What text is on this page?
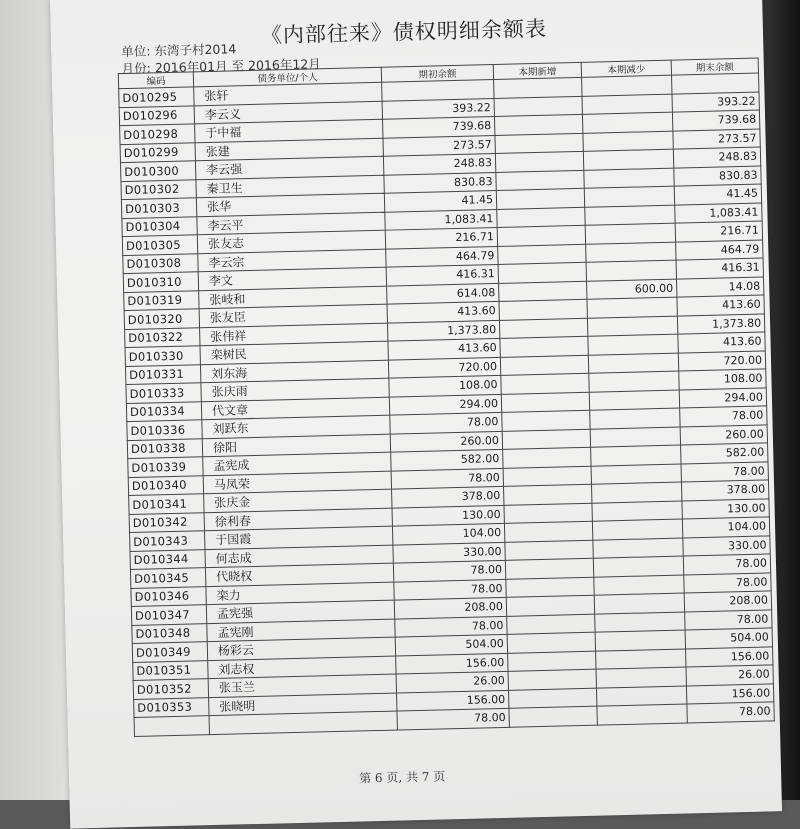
《内部往来》债权明细余额表
单位: 东湾子村2014
月份: 2016年01月 至 2016年12月
编码	债务单位/个人	期初余额	本期新增	本期减少	期末余额
D010295	张轩				
D010296	李云义	393.22			393.22
D010298	于中福	739.68			739.68
D010299	张建	273.57			273.57
D010300	李云强	248.83			248.83
D010302	秦卫生	830.83			830.83
D010303	张华	41.45			41.45
D010304	李云平	1,083.41			1,083.41
D010305	张友志	216.71			216.71
D010308	李云宗	464.79			464.79
D010310	李文	416.31			416.31
D010319	张岐和	614.08		600.00	14.08
D010320	张友臣	413.60			413.60
D010322	张伟祥	1,373.80			1,373.80
D010330	栾树民	413.60			413.60
D010331	刘东海	720.00			720.00
D010333	张庆雨	108.00			108.00
D010334	代文章	294.00			294.00
D010336	刘跃东	78.00			78.00
D010338	徐阳	260.00			260.00
D010339	孟宪成	582.00			582.00
D010340	马凤荣	78.00			78.00
D010341	张庆金	378.00			378.00
D010342	徐利春	130.00			130.00
D010343	于国霞	104.00			104.00
D010344	何志成	330.00			330.00
D010345	代晓权	78.00			78.00
D010346	栾力	78.00			78.00
D010347	孟宪强	208.00			208.00
D010348	孟宪刚	78.00			78.00
D010349	杨彩云	504.00			504.00
D010351	刘志权	156.00			156.00
D010352	张玉兰	26.00			26.00
D010353	张晓明	156.00			156.00
		78.00			78.00
第 6 页, 共 7 页
